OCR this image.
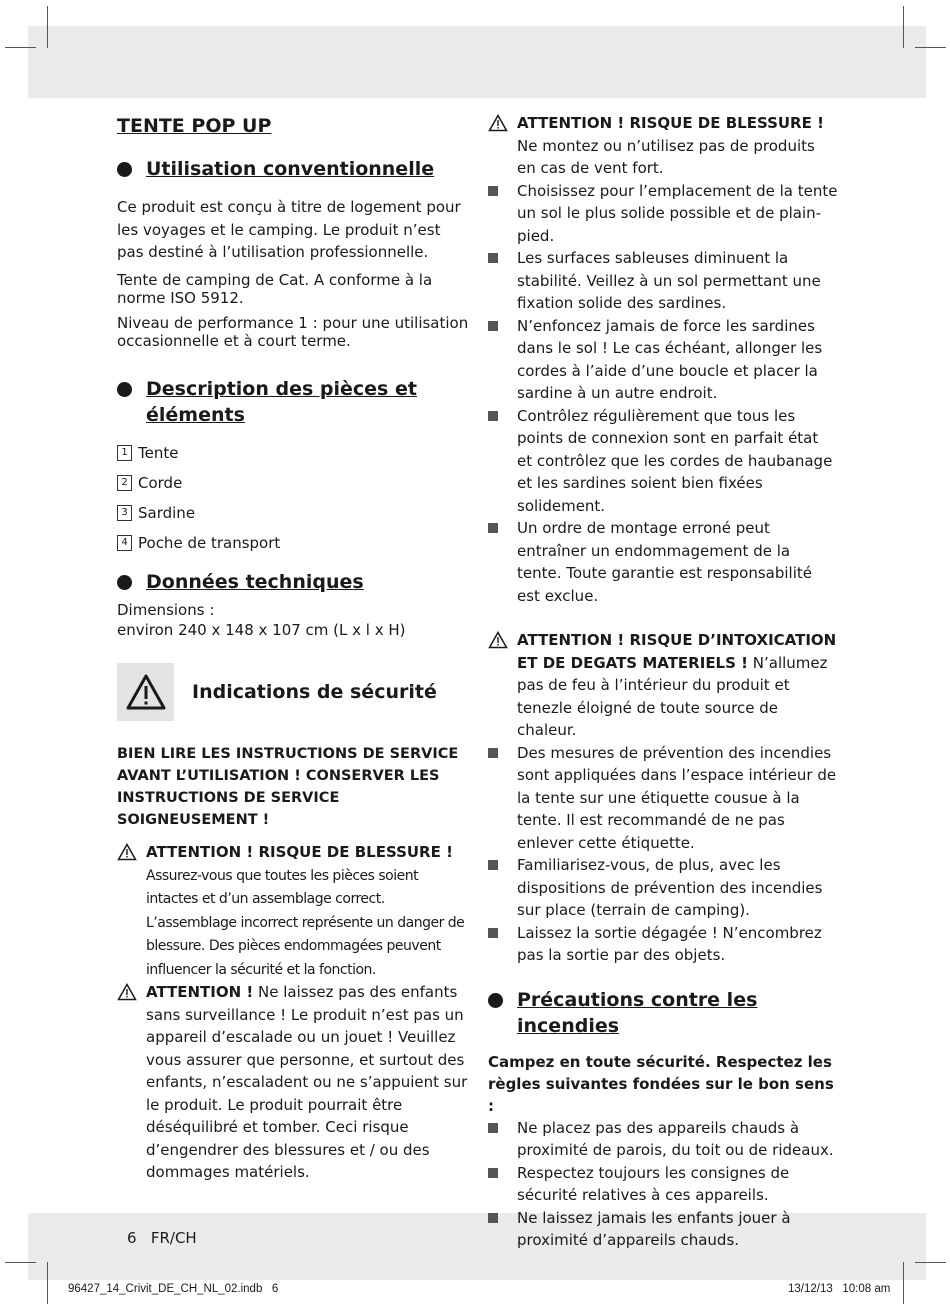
TENTE POP UP
Utilisation conventionnelle

Ce produit est conçu à titre de logement pour les voyages et le camping. Le produit n’est pas destiné à l’utilisation professionnelle.

Tente de camping de Cat. A conforme à la norme ISO 5912.

Niveau de performance 1 : pour une utilisation occasionnelle et à court terme.

Description des pièces et éléments
1 Tente
2 Corde
3 Sardine
4 Poche de transport
Données techniques

Dimensions :

environ 240 x 148 x 107 cm (L x l x H)

Indications de sécurité
BIEN LIRE LES INSTRUCTIONS DE SERVICE AVANT L’UTILISATION ! CONSERVER LES INSTRUCTIONS DE SERVICE SOIGNEUSEMENT !
ATTENTION ! RISQUE DE BLESSURE !
Assurez-vous que toutes les pièces soient intactes et d’un assemblage correct. L’assemblage incorrect représente un danger de blessure. Des pièces endommagées peuvent influencer la sécurité et la fonction.
ATTENTION ! Ne laissez pas des enfants sans surveillance ! Le produit n’est pas un appareil d’escalade ou un jouet ! Veuillez vous assurer que personne, et surtout des enfants, n’escaladent ou ne s’appuient sur le produit. Le produit pourrait être déséquilibré et tomber. Ceci risque d’engendrer des blessures et / ou des dommages matériels.
ATTENTION ! RISQUE DE BLESSURE !
Ne montez ou n’utilisez pas de produits en cas de vent fort.
Choisissez pour l’emplacement de la tente un sol le plus solide possible et de plain-pied.
Les surfaces sableuses diminuent la stabilité. Veillez à un sol permettant une fixation solide des sardines.
N’enfoncez jamais de force les sardines dans le sol ! Le cas échéant, allonger les cordes à l’aide d’une boucle et placer la sardine à un autre endroit.
Contrôlez régulièrement que tous les points de connexion sont en parfait état et contrôlez que les cordes de haubanage et les sardines soient bien fixées solidement.
Un ordre de montage erroné peut entraîner un endommagement de la tente. Toute garantie est responsabilité est exclue.
ATTENTION ! RISQUE D’INTOXICATION ET DE DEGATS MATERIELS ! N’allumez pas de feu à l’intérieur du produit et tenezle éloigné de toute source de chaleur.
Des mesures de prévention des incendies sont appliquées dans l’espace intérieur de la tente sur une étiquette cousue à la tente. Il est recommandé de ne pas enlever cette étiquette.
Familiarisez-vous, de plus, avec les dispositions de prévention des incendies sur place (terrain de camping).
Laissez la sortie dégagée ! N’encombrez pas la sortie par des objets.
Précautions contre les incendies
Campez en toute sécurité. Respectez les règles suivantes fondées sur le bon sens :
Ne placez pas des appareils chauds à proximité de parois, du toit ou de rideaux.
Respectez toujours les consignes de sécurité relatives à ces appareils.
Ne laissez jamais les enfants jouer à proximité d’appareils chauds.
6   FR/CH
96427_14_Crivit_DE_CH_NL_02.indb   6	13/12/13   10:08 am
